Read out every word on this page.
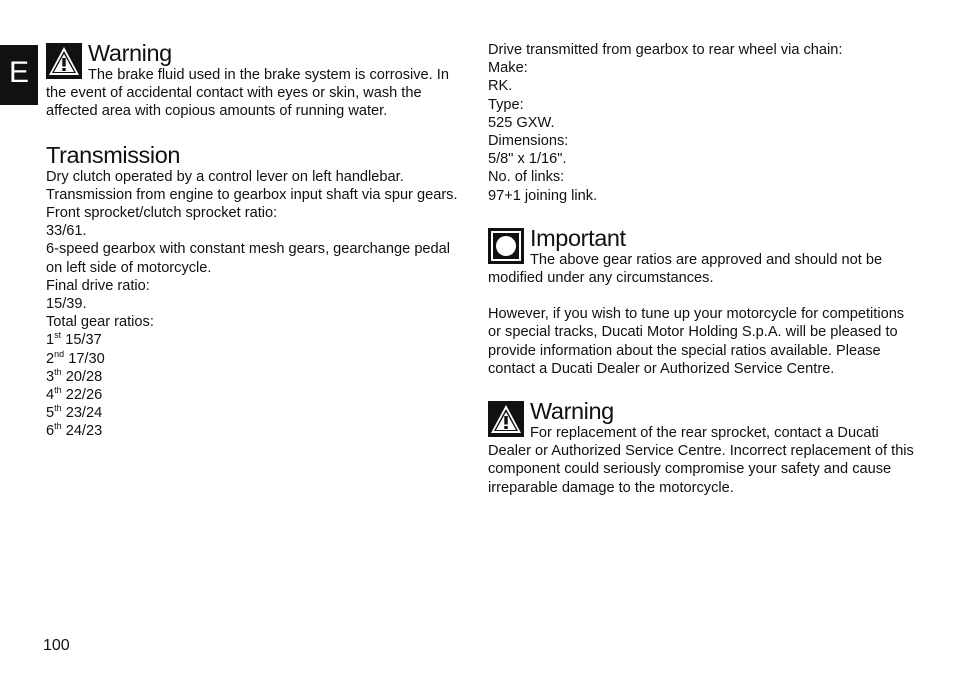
E
Warning

The brake fluid used in the brake system is corrosive. In the event of accidental contact with eyes or skin, wash the affected area with copious amounts of running water.

Transmission

Dry clutch operated by a control lever on left handlebar.

Transmission from engine to gearbox input shaft via spur gears.

Front sprocket/clutch sprocket ratio:

33/61.

6-speed gearbox with constant mesh gears, gearchange pedal on left side of motorcycle.

Final drive ratio:

15/39.

Total gear ratios:

1st 15/37

2nd 17/30

3th 20/28

4th 22/26

5th 23/24

6th 24/23

Drive transmitted from gearbox to rear wheel via chain:

Make:

RK.

Type:

525 GXW.

Dimensions:

5/8" x 1/16".

No. of links:

97+1 joining link.

Important

The above gear ratios are approved and should not be modified under any circumstances.

However, if you wish to tune up your motorcycle for competitions or special tracks, Ducati Motor Holding S.p.A. will be pleased to provide information about the special ratios available. Please contact a Ducati Dealer or Authorized Service Centre.

Warning

For replacement of the rear sprocket, contact a Ducati Dealer or Authorized Service Centre. Incorrect replacement of this component could seriously compromise your safety and cause irreparable damage to the motorcycle.

100
